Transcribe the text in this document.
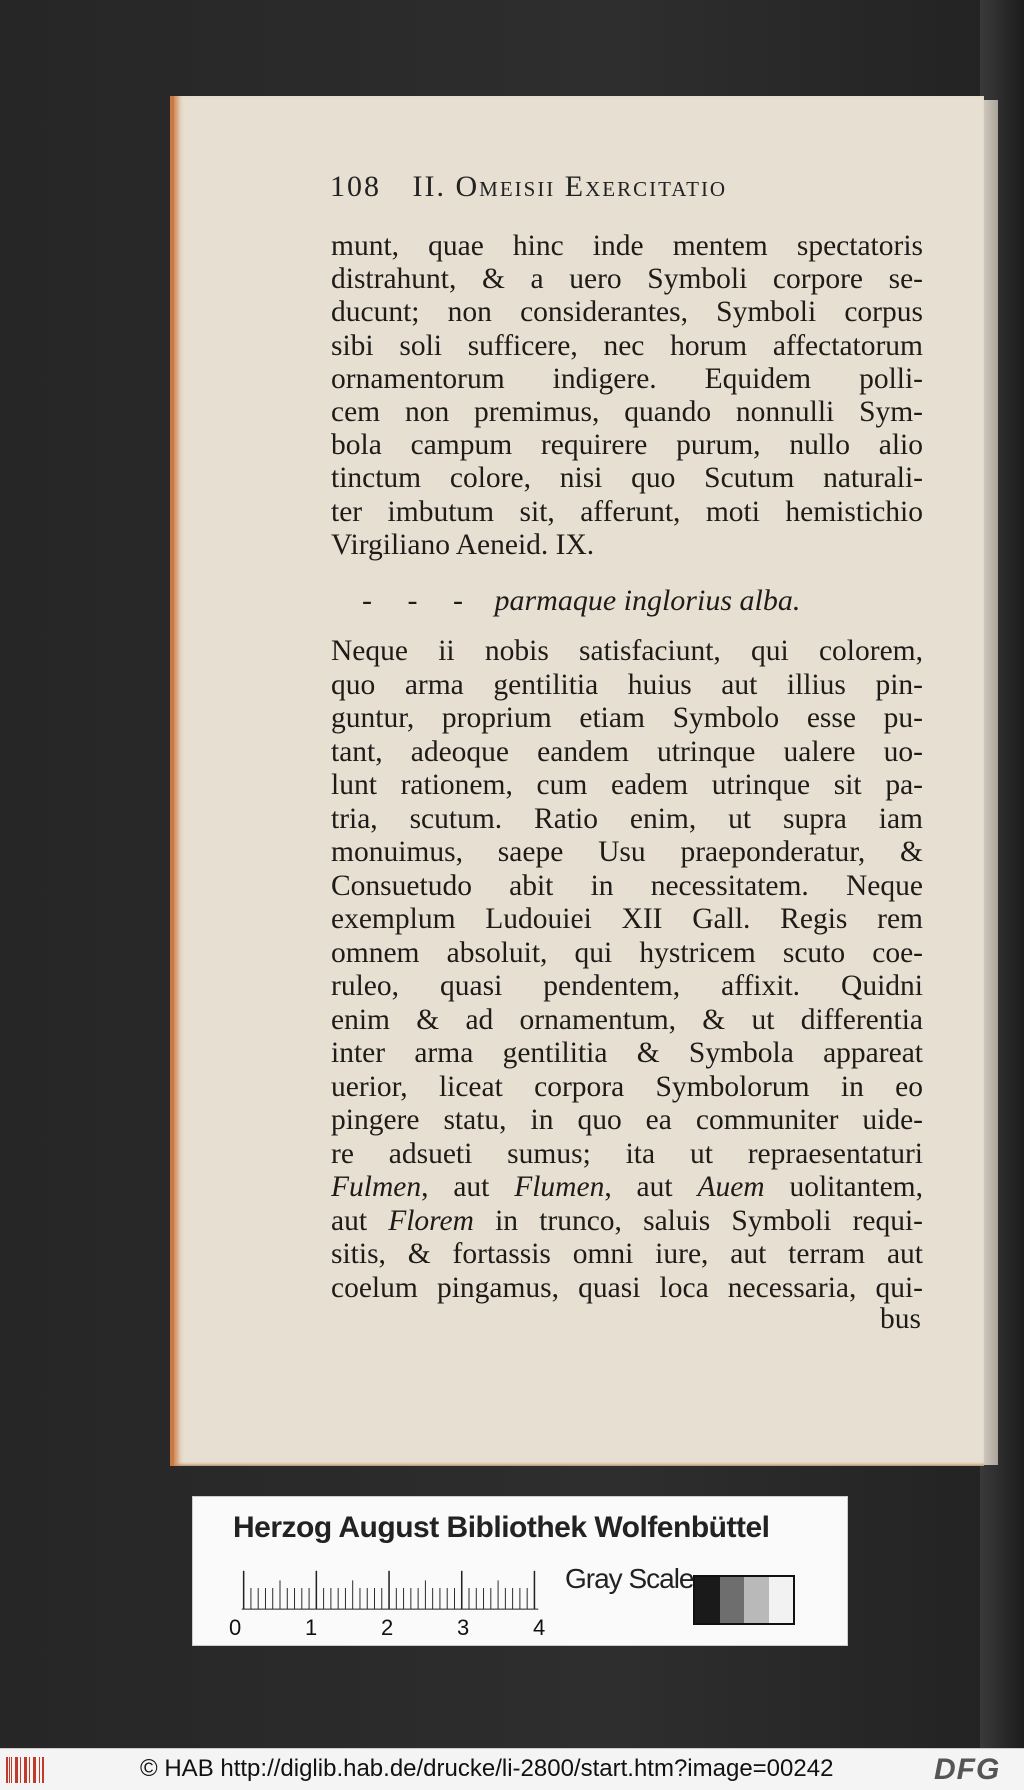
108 II. Omeisii Exercitatio
munt, quae hinc inde mentem spectatoris
distrahunt, & a uero Symboli corpore se-
ducunt; non considerantes, Symboli corpus
sibi soli sufficere, nec horum affectatorum
ornamentorum indigere. Equidem polli-
cem non premimus, quando nonnulli Sym-
bola campum requirere purum, nullo alio
tinctum colore, nisi quo Scutum naturali-
ter imbutum sit, afferunt, moti hemistichio
Virgiliano Aeneid. IX.
- - - parmaque inglorius alba.
Neque ii nobis satisfaciunt, qui colorem,
quo arma gentilitia huius aut illius pin-
guntur, proprium etiam Symbolo esse pu-
tant, adeoque eandem utrinque ualere uo-
lunt rationem, cum eadem utrinque sit pa-
tria, scutum. Ratio enim, ut supra iam
monuimus, saepe Usu praeponderatur, &
Consuetudo abit in necessitatem. Neque
exemplum Ludouiei XII Gall. Regis rem
omnem absoluit, qui hystricem scuto coe-
ruleo, quasi pendentem, affixit. Quidni
enim & ad ornamentum, & ut differentia
inter arma gentilitia & Symbola appareat
uerior, liceat corpora Symbolorum in eo
pingere statu, in quo ea communiter uide-
re adsueti sumus; ita ut repraesentaturi
Fulmen, aut Flumen, aut Auem uolitantem,
aut Florem in trunco, saluis Symboli requi-
sitis, & fortassis omni iure, aut terram aut
coelum pingamus, quasi loca necessaria, qui-
bus
Herzog August Bibliothek Wolfenbüttel
0	1	2	3	4
Gray Scale
© HAB http://diglib.hab.de/drucke/li-2800/start.htm?image=00242	DFG
